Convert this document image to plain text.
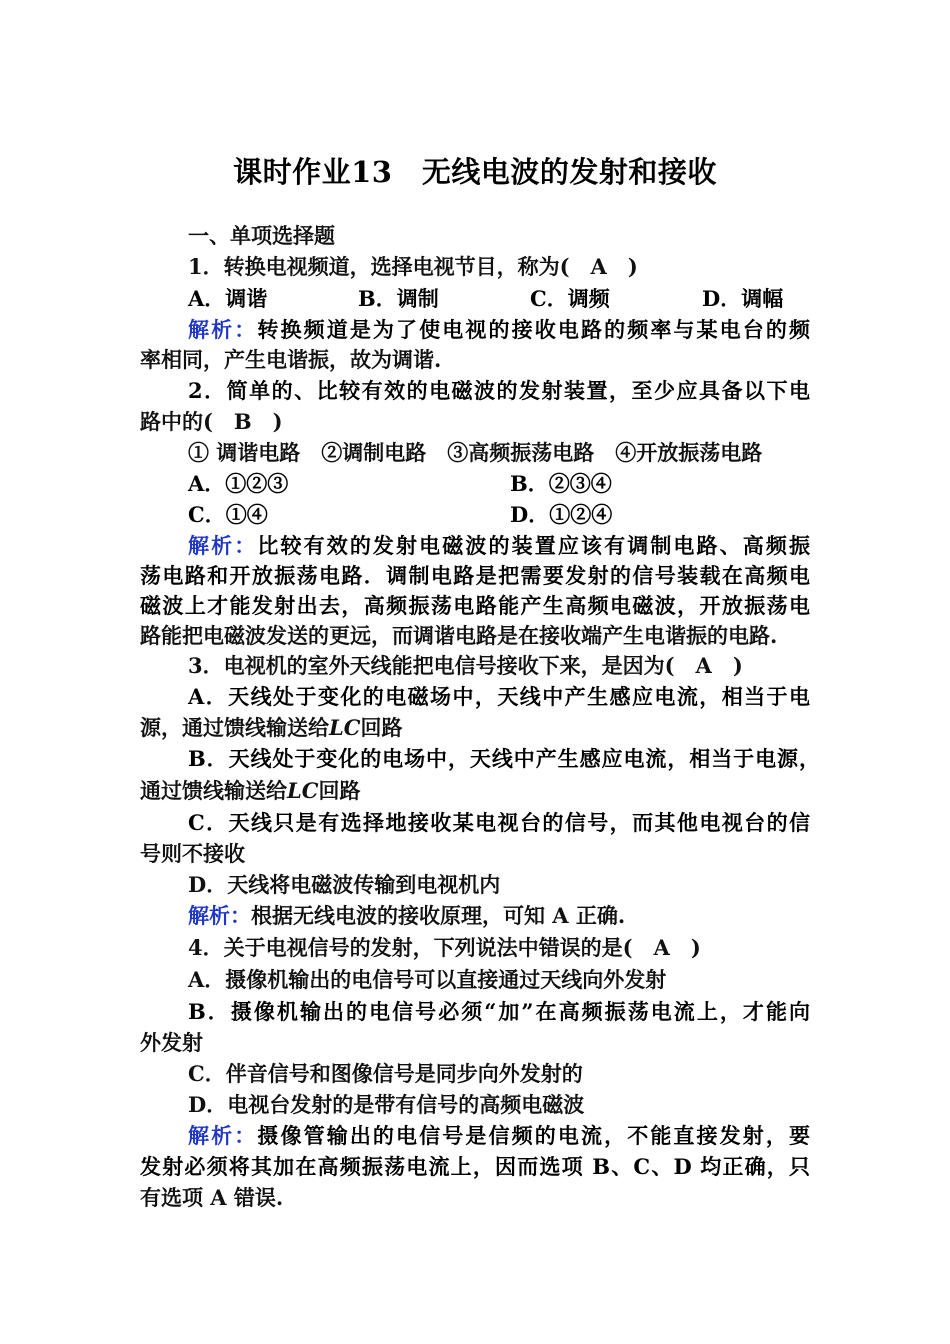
课时作业13　无线电波的发射和接收
一、单项选择题
1．转换电视频道，选择电视节目，称为(　A　)
A．调谐	B．调制	C．调频	D．调幅
解析：转换频道是为了使电视的接收电路的频率与某电台的频
率相同，产生电谐振，故为调谐.
2．简单的、比较有效的电磁波的发射装置，至少应具备以下电
路中的(　B　)
① 调谐电路　②调制电路　③高频振荡电路　④开放振荡电路
A．①②③	B．②③④
C．①④	D．①②④
解析：比较有效的发射电磁波的装置应该有调制电路、高频振
荡电路和开放振荡电路．调制电路是把需要发射的信号装载在高频电
磁波上才能发射出去，高频振荡电路能产生高频电磁波，开放振荡电
路能把电磁波发送的更远，而调谐电路是在接收端产生电谐振的电路.
3．电视机的室外天线能把电信号接收下来，是因为(　A　)
A．天线处于变化的电磁场中，天线中产生感应电流，相当于电
源，通过馈线输送给LC回路
B．天线处于变化的电场中，天线中产生感应电流，相当于电源，
通过馈线输送给LC回路
C．天线只是有选择地接收某电视台的信号，而其他电视台的信
号则不接收
D．天线将电磁波传输到电视机内
解析：根据无线电波的接收原理，可知 A 正确.
4．关于电视信号的发射，下列说法中错误的是(　A　)
A．摄像机输出的电信号可以直接通过天线向外发射
B．摄像机输出的电信号必须“加”在高频振荡电流上，才能向
外发射
C．伴音信号和图像信号是同步向外发射的
D．电视台发射的是带有信号的高频电磁波
解析：摄像管输出的电信号是信频的电流，不能直接发射，要
发射必须将其加在高频振荡电流上，因而选项 B、C、D 均正确，只
有选项 A 错误.
